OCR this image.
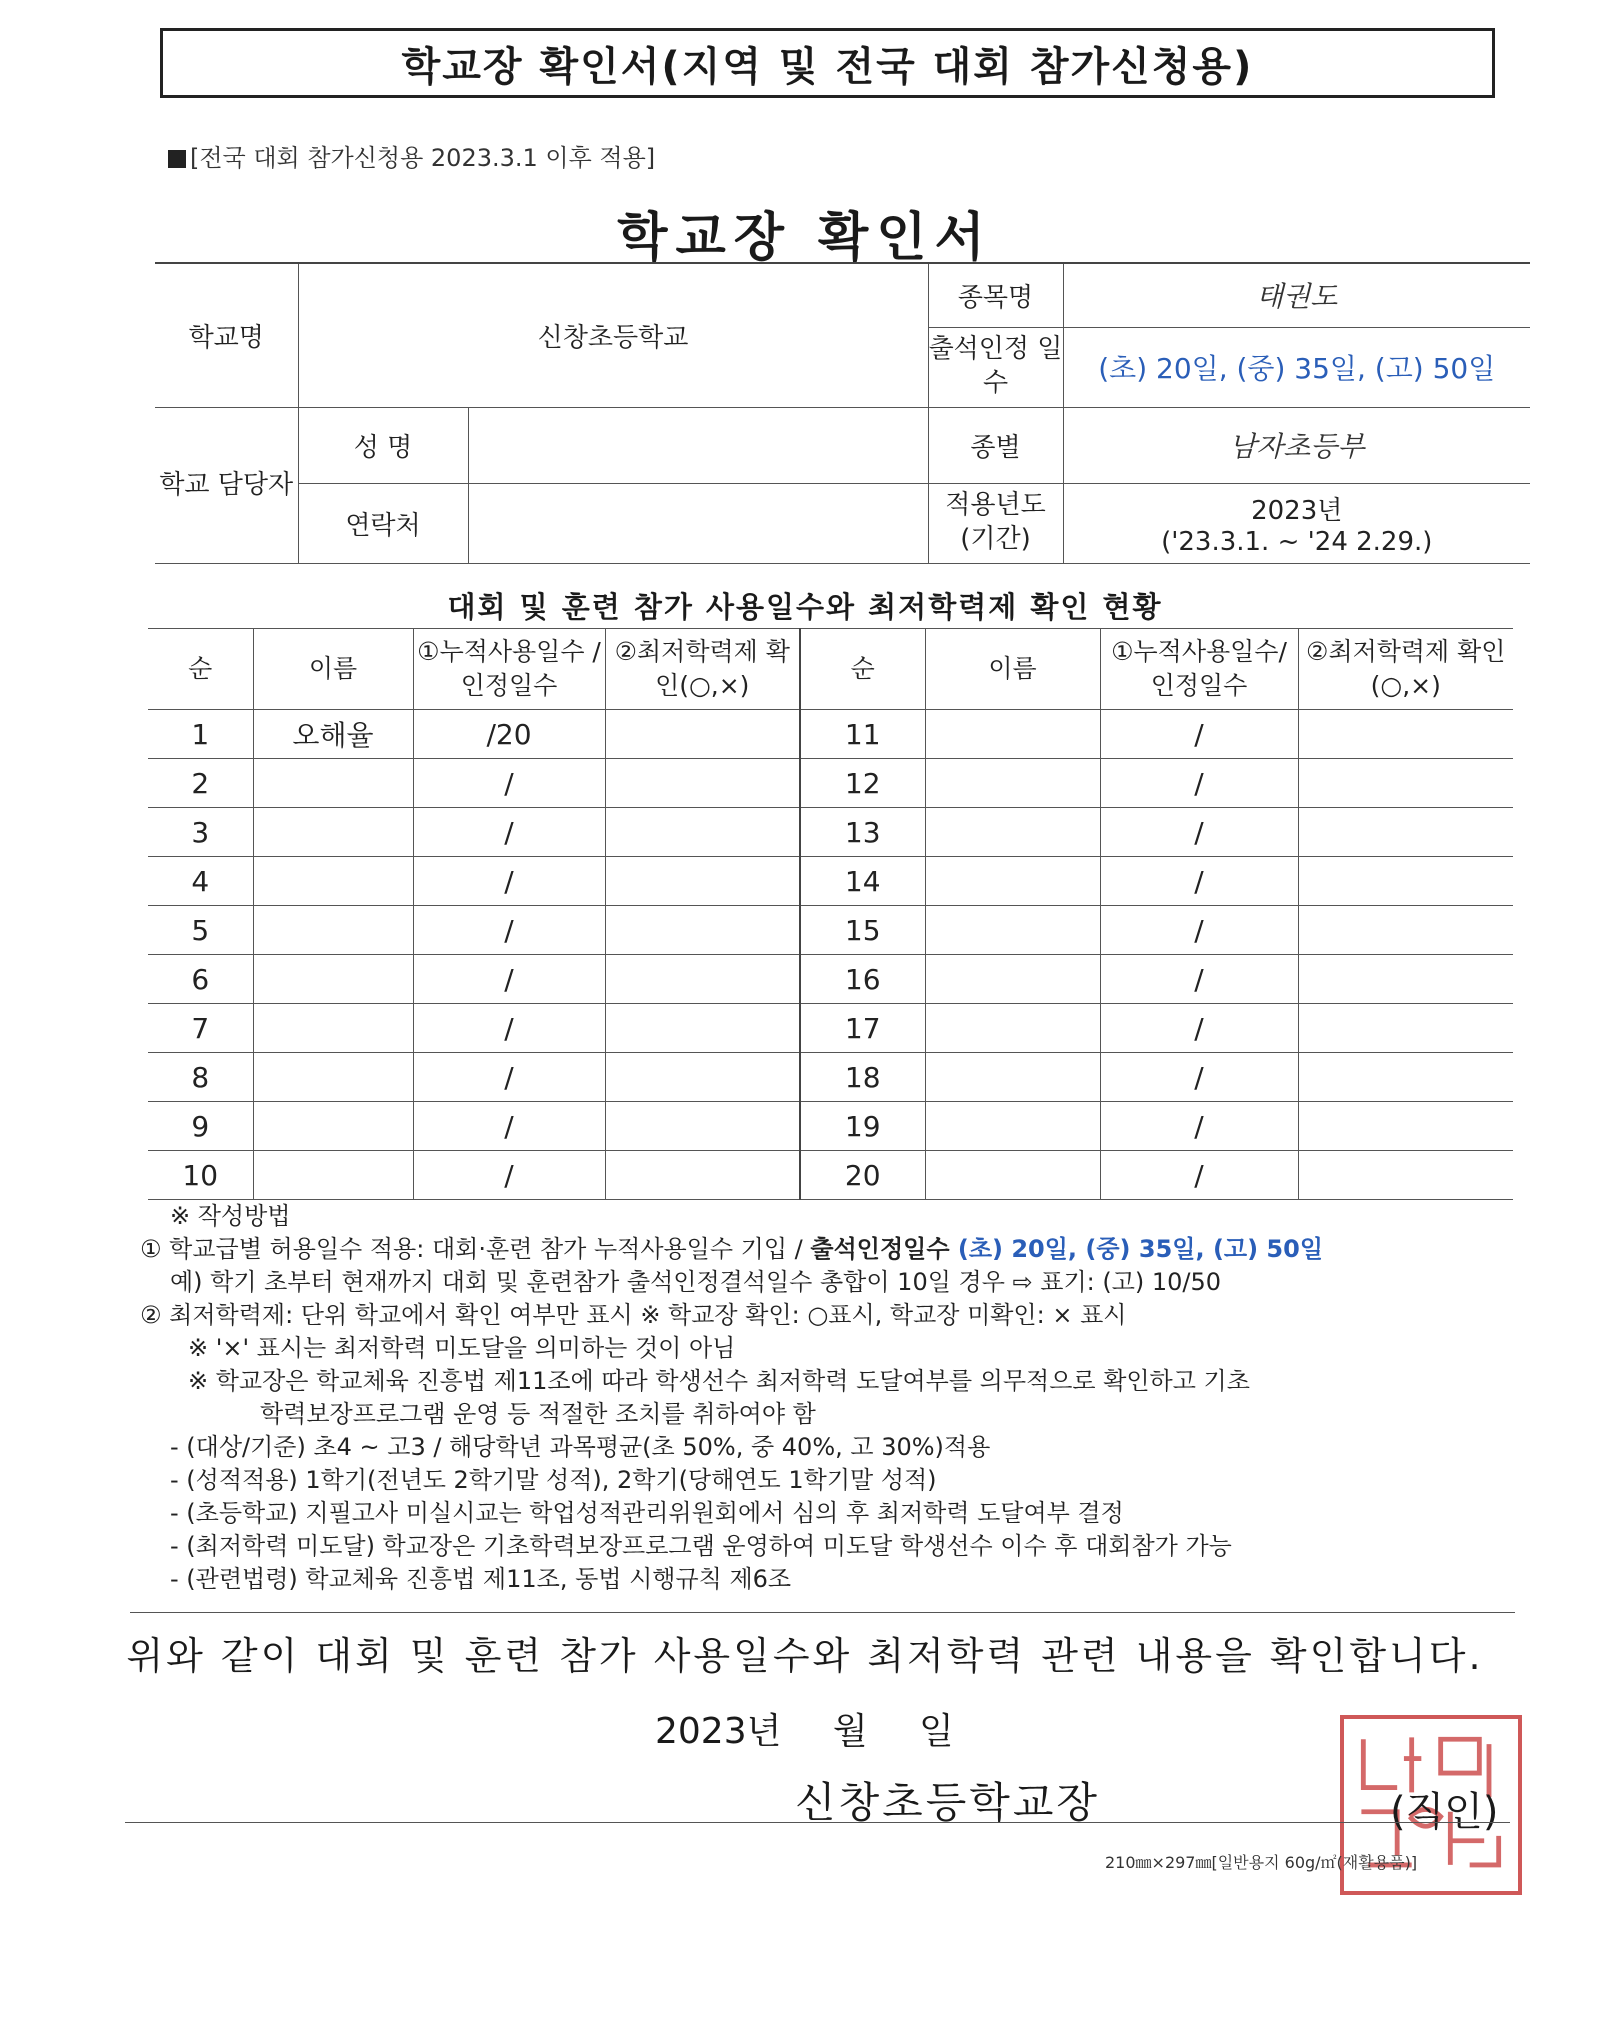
학교장 확인서(지역 및 전국 대회 참가신청용)
[전국 대회 참가신청용 2023.3.1 이후 적용]
학교장 확인서
학교명	신창초등학교		종목명	태권도
			출석인정 일수	(초) 20일, (중) 35일, (고) 50일
학교 담당자	성 명		종별	남자초등부
	연락처		적용년도 (기간)	2023년
('23.3.1. ~ '24 2.29.)
대회 및 훈련 참가 사용일수와 최저학력제 확인 현황
순	이름	①누적사용일수 /인정일수	②최저학력제 확인(○,×)	순	이름	①누적사용일수/ 인정일수	②최저학력제 확인(○,×)
1	오해율	/20		11		/	
2		/		12		/	
3		/		13		/	
4		/		14		/	
5		/		15		/	
6		/		16		/	
7		/		17		/	
8		/		18		/	
9		/		19		/	
10		/		20		/	
※ 작성방법
① 학교급별 허용일수 적용: 대회·훈련 참가 누적사용일수 기입 / 출석인정일수 (초) 20일, (중) 35일, (고) 50일
예) 학기 초부터 현재까지 대회 및 훈련참가 출석인정결석일수 총합이 10일 경우 ⇨ 표기: (고) 10/50
② 최저학력제: 단위 학교에서 확인 여부만 표시 ※ 학교장 확인: ○표시, 학교장 미확인: × 표시
※ '×' 표시는 최저학력 미도달을 의미하는 것이 아님
※ 학교장은 학교체육 진흥법 제11조에 따라 학생선수 최저학력 도달여부를 의무적으로 확인하고 기초
학력보장프로그램 운영 등 적절한 조치를 취하여야 함
- (대상/기준) 초4 ~ 고3 / 해당학년 과목평균(초 50%, 중 40%, 고 30%)적용
- (성적적용) 1학기(전년도 2학기말 성적), 2학기(당해연도 1학기말 성적)
- (초등학교) 지필고사 미실시교는 학업성적관리위원회에서 심의 후 최저학력 도달여부 결정
- (최저학력 미도달) 학교장은 기초학력보장프로그램 운영하여 미도달 학생선수 이수 후 대회참가 가능
- (관련법령) 학교체육 진흥법 제11조, 동법 시행규칙 제6조
위와 같이 대회 및 훈련 참가 사용일수와 최저학력 관련 내용을 확인합니다.
2023년 월 일
신창초등학교장	(직인)
210㎜×297㎜[일반용지 60g/㎡(재활용품)]
